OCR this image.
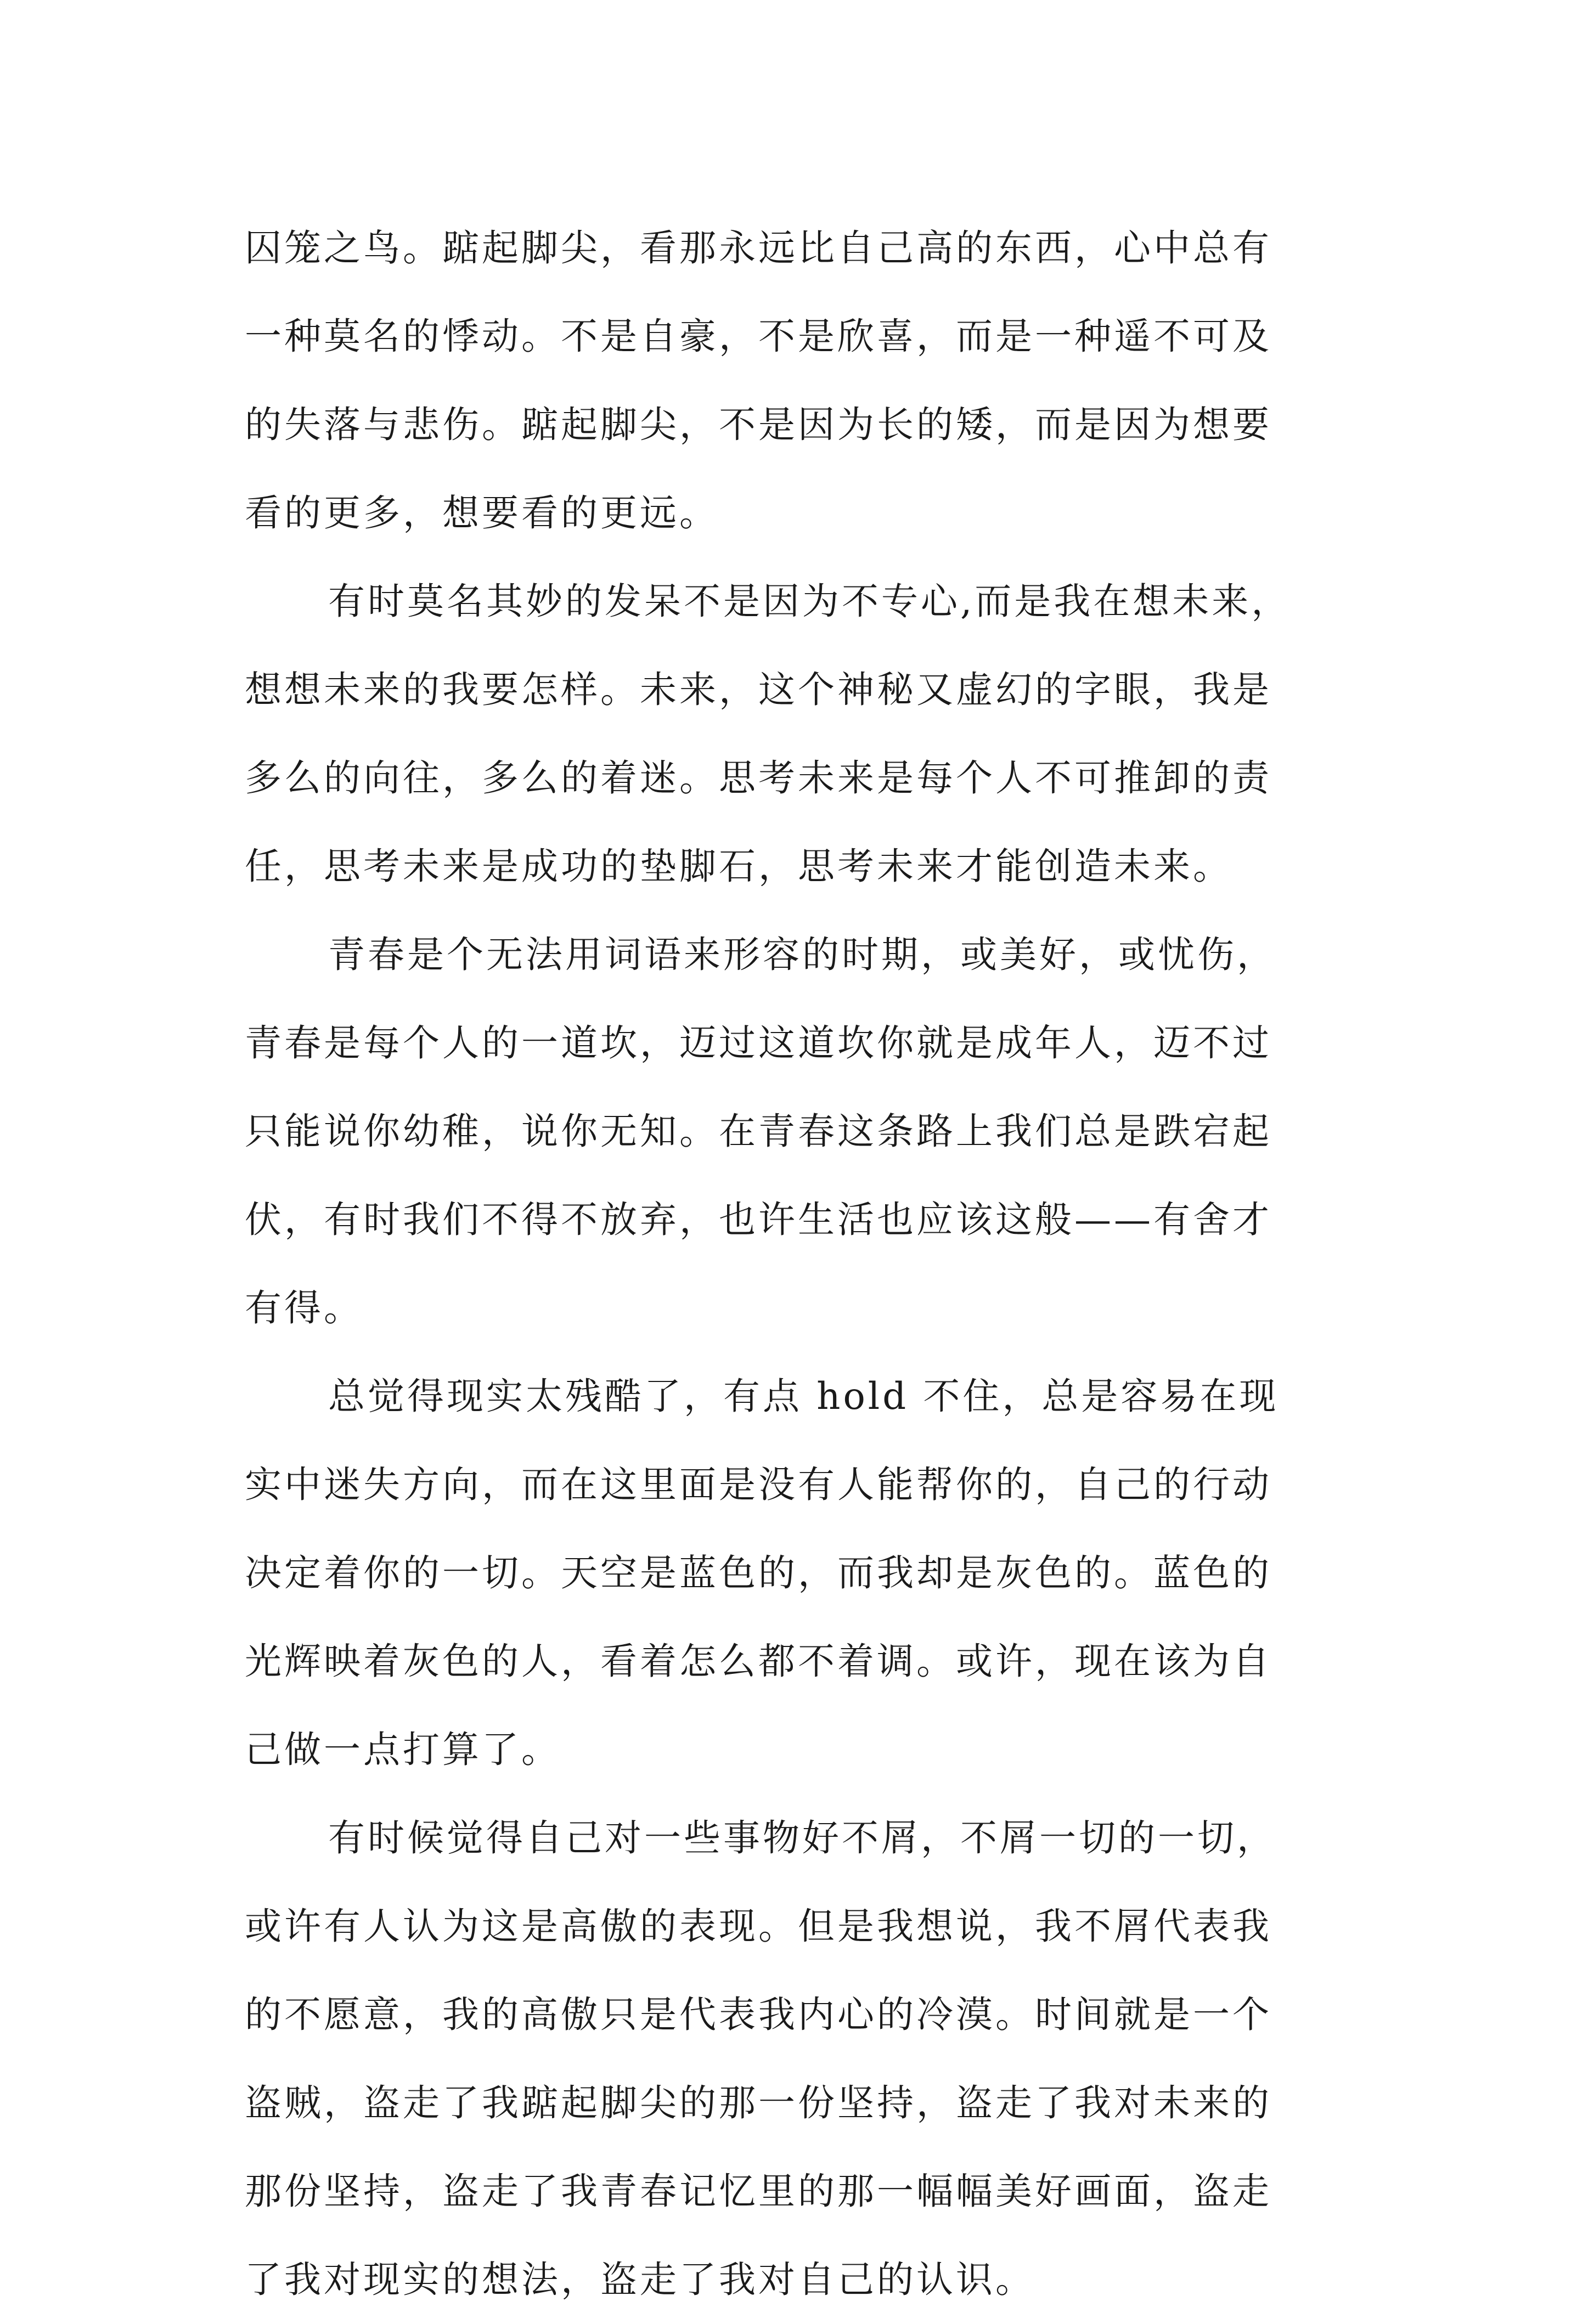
囚笼之鸟。踮起脚尖，看那永远比自己高的东西，心中总有
一种莫名的悸动。不是自豪，不是欣喜，而是一种遥不可及
的失落与悲伤。踮起脚尖，不是因为长的矮，而是因为想要
看的更多，想要看的更远。

有时莫名其妙的发呆不是因为不专心,而是我在想未来，
想想未来的我要怎样。未来，这个神秘又虚幻的字眼，我是
多么的向往，多么的着迷。思考未来是每个人不可推卸的责
任，思考未来是成功的垫脚石，思考未来才能创造未来。

青春是个无法用词语来形容的时期，或美好，或忧伤，
青春是每个人的一道坎，迈过这道坎你就是成年人，迈不过
只能说你幼稚，说你无知。在青春这条路上我们总是跌宕起
伏，有时我们不得不放弃，也许生活也应该这般——有舍才
有得。

总觉得现实太残酷了，有点 hold 不住，总是容易在现
实中迷失方向，而在这里面是没有人能帮你的，自己的行动
决定着你的一切。天空是蓝色的，而我却是灰色的。蓝色的
光辉映着灰色的人，看着怎么都不着调。或许，现在该为自
己做一点打算了。

有时候觉得自己对一些事物好不屑，不屑一切的一切，
或许有人认为这是高傲的表现。但是我想说，我不屑代表我
的不愿意，我的高傲只是代表我内心的冷漠。时间就是一个
盗贼，盗走了我踮起脚尖的那一份坚持，盗走了我对未来的
那份坚持，盗走了我青春记忆里的那一幅幅美好画面，盗走
了我对现实的想法，盗走了我对自己的认识。
